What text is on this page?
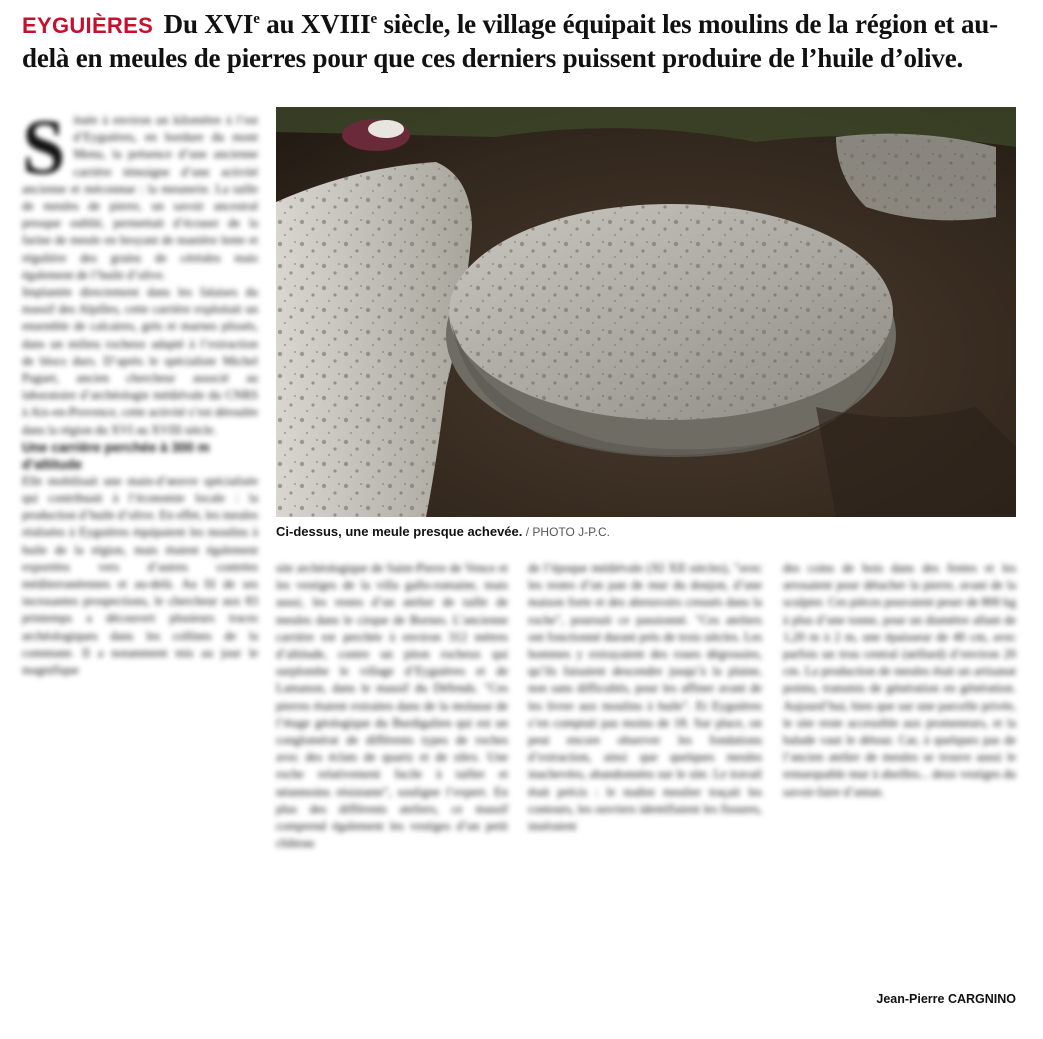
EYGUIÈRES Du XVIe au XVIIIe siècle, le village équipait les moulins de la région et au-delà en meules de pierres pour que ces derniers puissent produire de l’huile d’olive.
Ci-dessus, une meule presque achevée. / PHOTO J-P.C.
S ituée à environ un kilomètre à l’est d’Eyguières, en bordure du mont Menu, la présence d’une ancienne carrière témoigne d’une activité ancienne et méconnue : la meunerie. La taille de meules de pierre, un savoir ancestral presque oublié, permettait d’écraser de la farine de meule en broyant de manière lente et régulière des grains de céréales mais également de l’huile d’olive.

Implantée directement dans les falaises du massif des Alpilles, cette carrière exploitait un ensemble de calcaires, grès et marnes plissés, dans un milieu rocheux adapté à l’extraction de blocs durs. D’après le spécialiste Michel Paguet, ancien chercheur associé au laboratoire d’archéologie médiévale du CNRS à Aix-en-Provence, cette activité s’est déroulée dans la région du XVI au XVIII siècle.

Une carrière perchée à 300 m d’altitude

Elle mobilisait une main-d’œuvre spécialisée qui contribuait à l’économie locale : la production d’huile d’olive. En effet, les meules réalisées à Eyguières équipaient les moulins à huile de la région, mais étaient également exportées vers d’autres contrées méditerranéennes et au-delà. Au fil de ses incessantes prospections, le chercheur aux 83 printemps a découvert plusieurs traces archéologiques dans les collines de la commune. Il a notamment mis au jour le magnifique

site archéologique de Saint-Pierre de Vence et les vestiges de la villa gallo-romaine, mais aussi, les restes d’un atelier de taille de meules dans le cirque de Bornes. L’ancienne carrière est perchée à environ 312 mètres d’altitude, contre un piton rocheux qui surplombe le village d’Eyguières et de Lamanon, dans le massif du Défends. "Ces pierres étaient extraites dans de la molasse de l’étage géologique du Burdigalien qui est un conglomérat de différents types de roches avec des éclats de quartz et de silex. Une roche relativement facile à tailler et néanmoins résistante", souligne l’expert. En plus des différents ateliers, ce massif comprend également les vestiges d’un petit château

de l’époque médiévale (XI XII siècles), "avec les restes d’un pan de mur du donjon, d’une maison forte et des abreuvoirs creusés dans la roche", poursuit ce passionné. "Ces ateliers ont fonctionné durant près de trois siècles. Les hommes y extrayaient des roues dégrossies, qu’ils faisaient descendre jusqu’à la plaine, non sans difficultés, pour les affiner avant de les livrer aux moulins à huile". Et Eyguières s’en comptait pas moins de 18. Sur place, on peut encore observer les fondations d’extraction, ainsi que quelques meules inachevées, abandonnées sur le site. Le travail était précis : le maître meulier traçait les contours, les ouvriers identifiaient les fissures, inséraient

des coins de bois dans des fentes et les arrosaient pour détacher la pierre, avant de la sculpter. Ces pièces pouvaient peser de 800 kg à plus d’une tonne, pour un diamètre allant de 1,20 m à 2 m, une épaisseur de 40 cm, avec parfois un trou central (œillard) d’environ 20 cm. La production de meules était un artisanat pointu, transmis de génération en génération. Aujourd’hui, bien que sur une parcelle privée, le site reste accessible aux promeneurs, et la balade vaut le détour. Car, à quelques pas de l’ancien atelier de meules se trouve aussi le remarquable mur à abeilles... deux vestiges du savoir-faire d’antan.

Jean-Pierre CARGNINO
